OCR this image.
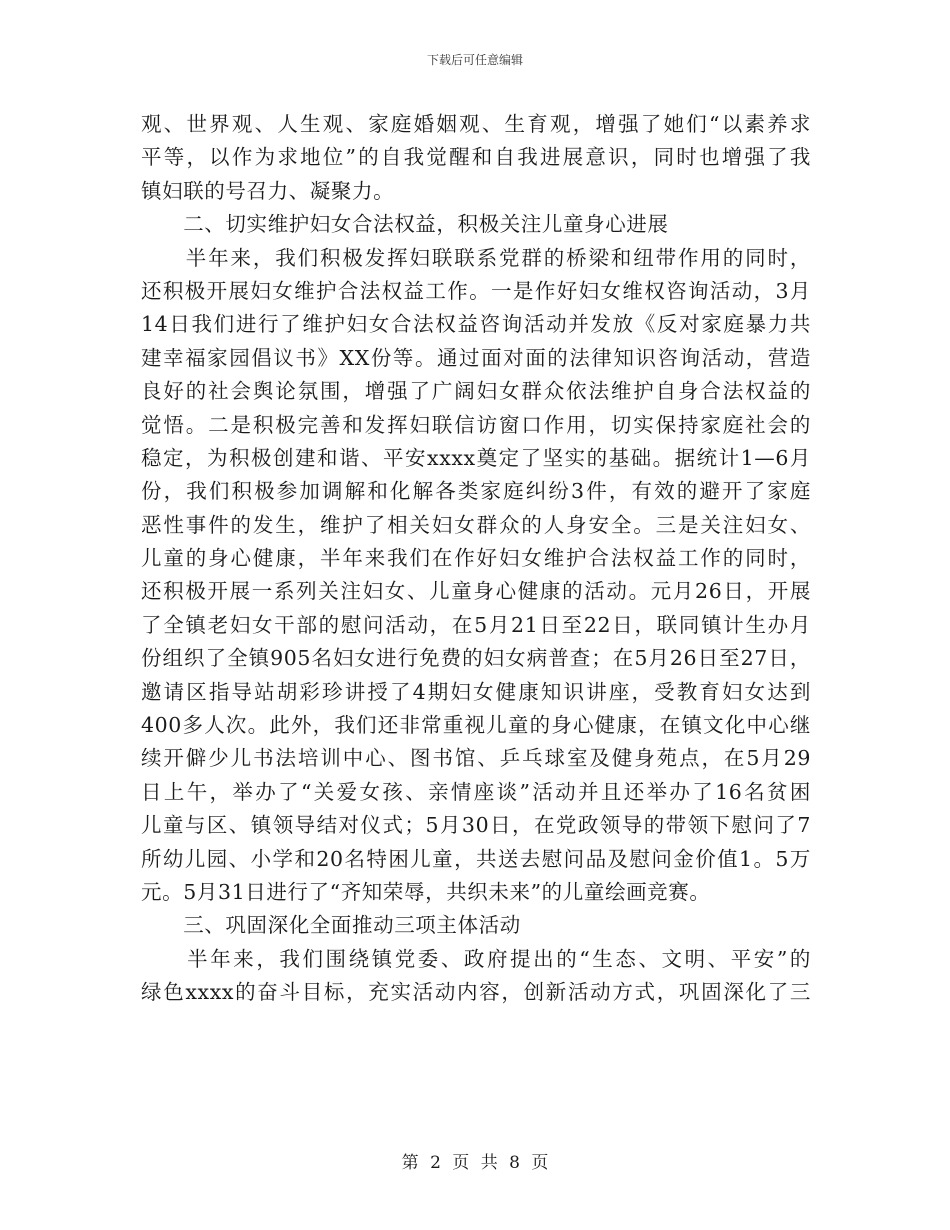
下载后可任意编辑
观、世界观、人生观、家庭婚姻观、生育观，增强了她们“以素养求
平等，以作为求地位”的自我觉醒和自我进展意识，同时也增强了我
镇妇联的号召力、凝聚力。
　　二、切实维护妇女合法权益，积极关注儿童身心进展
　　半年来，我们积极发挥妇联联系党群的桥梁和纽带作用的同时，
还积极开展妇女维护合法权益工作。一是作好妇女维权咨询活动，3月
14日我们进行了维护妇女合法权益咨询活动并发放《反对家庭暴力共
建幸福家园倡议书》XX份等。通过面对面的法律知识咨询活动，营造
良好的社会舆论氛围，增强了广阔妇女群众依法维护自身合法权益的
觉悟。二是积极完善和发挥妇联信访窗口作用，切实保持家庭社会的
稳定，为积极创建和谐、平安xxxx奠定了坚实的基础。据统计1—6月
份，我们积极参加调解和化解各类家庭纠纷3件，有效的避开了家庭
恶性事件的发生，维护了相关妇女群众的人身安全。三是关注妇女、
儿童的身心健康，半年来我们在作好妇女维护合法权益工作的同时，
还积极开展一系列关注妇女、儿童身心健康的活动。元月26日，开展
了全镇老妇女干部的慰问活动，在5月21日至22日，联同镇计生办月
份组织了全镇905名妇女进行免费的妇女病普查；在5月26日至27日，
邀请区指导站胡彩珍讲授了4期妇女健康知识讲座，受教育妇女达到
400多人次。此外，我们还非常重视儿童的身心健康，在镇文化中心继
续开僻少儿书法培训中心、图书馆、乒乓球室及健身苑点，在5月29
日上午，举办了“关爱女孩、亲情座谈”活动并且还举办了16名贫困
儿童与区、镇领导结对仪式；5月30日，在党政领导的带领下慰问了7
所幼儿园、小学和20名特困儿童，共送去慰问品及慰问金价值1。5万
元。5月31日进行了“齐知荣辱，共织未来”的儿童绘画竞赛。
　　三、巩固深化全面推动三项主体活动
　　半年来，我们围绕镇党委、政府提出的“生态、文明、平安”的
绿色xxxx的奋斗目标，充实活动内容，创新活动方式，巩固深化了三
第 2 页 共 8 页
